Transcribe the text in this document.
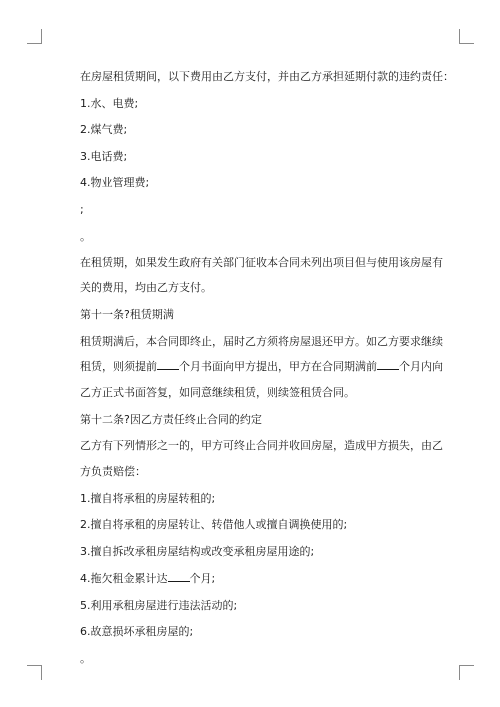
在房屋租赁期间，以下费用由乙方支付，并由乙方承担延期付款的违约责任：

1.水、电费;

2.煤气费;

3.电话费;

4.物业管理费;

;

。

在租赁期，如果发生政府有关部门征收本合同未列出项目但与使用该房屋有关的费用，均由乙方支付。

第十一条?租赁期满

租赁期满后，本合同即终止，届时乙方须将房屋退还甲方。如乙方要求继续租赁，则须提前 个月书面向甲方提出，甲方在合同期满前 个月内向乙方正式书面答复，如同意继续租赁，则续签租赁合同。

第十二条?因乙方责任终止合同的约定

乙方有下列情形之一的，甲方可终止合同并收回房屋，造成甲方损失，由乙方负责赔偿：

1.擅自将承租的房屋转租的;

2.擅自将承租的房屋转让、转借他人或擅自调换使用的;

3.擅自拆改承租房屋结构或改变承租房屋用途的;

4.拖欠租金累计达 个月;

5.利用承租房屋进行违法活动的;

6.故意损坏承租房屋的;

。
